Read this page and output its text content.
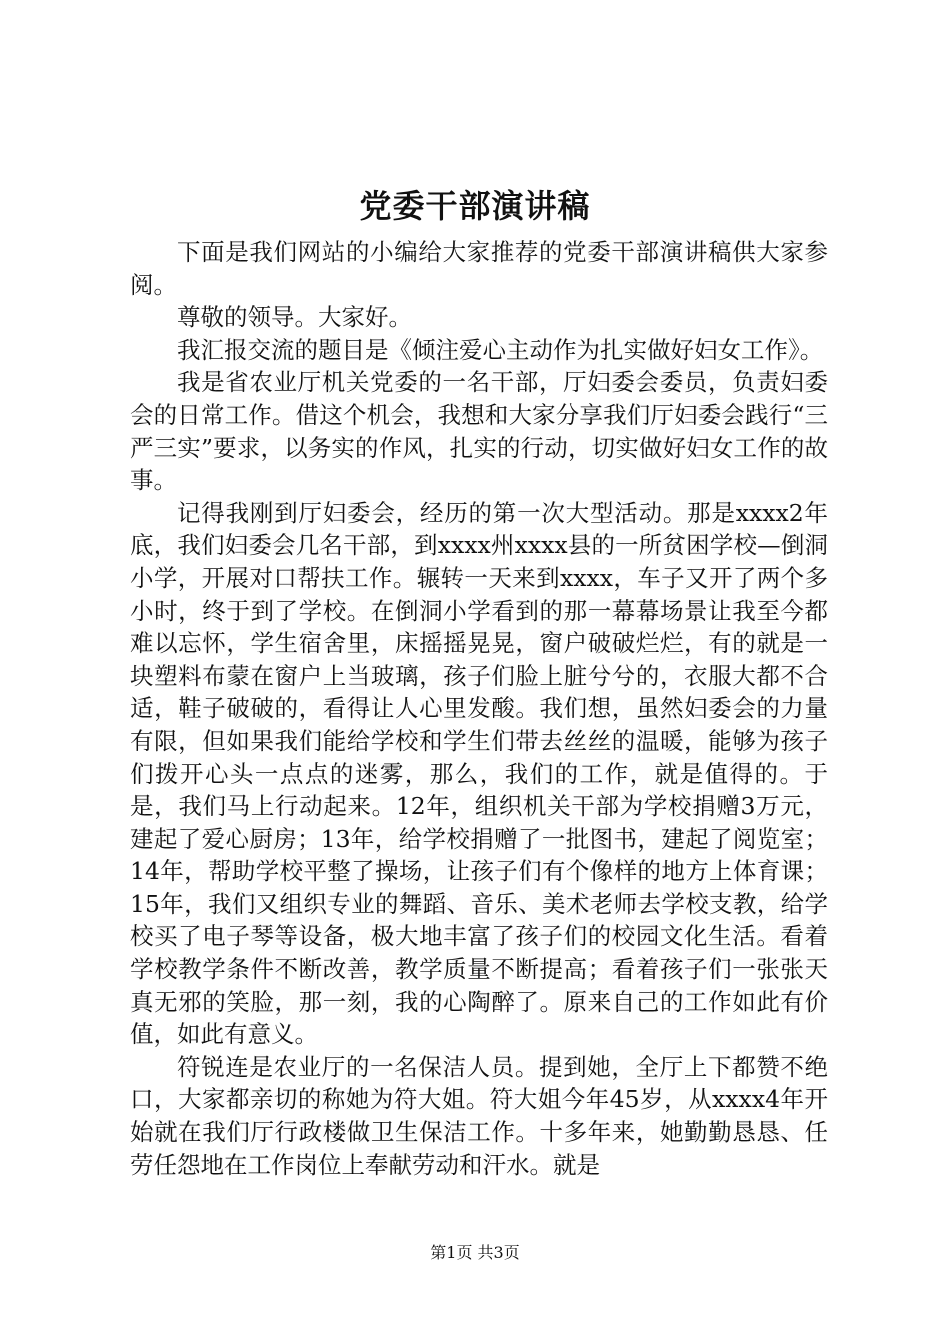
党委干部演讲稿

下面是我们网站的小编给大家推荐的党委干部演讲稿供大家参阅。

尊敬的领导。大家好。

我汇报交流的题目是《倾注爱心主动作为扎实做好妇女工作》。

我是省农业厅机关党委的一名干部，厅妇委会委员，负责妇委会的日常工作。借这个机会，我想和大家分享我们厅妇委会践行“三严三实”要求，以务实的作风，扎实的行动，切实做好妇女工作的故事。

记得我刚到厅妇委会，经历的第一次大型活动。那是xxxx2年底，我们妇委会几名干部，到xxxx州xxxx县的一所贫困学校—倒洞小学，开展对口帮扶工作。辗转一天来到xxxx，车子又开了两个多小时，终于到了学校。在倒洞小学看到的那一幕幕场景让我至今都难以忘怀，学生宿舍里，床摇摇晃晃，窗户破破烂烂，有的就是一块塑料布蒙在窗户上当玻璃，孩子们脸上脏兮兮的，衣服大都不合适，鞋子破破的，看得让人心里发酸。我们想，虽然妇委会的力量有限，但如果我们能给学校和学生们带去丝丝的温暖，能够为孩子们拨开心头一点点的迷雾，那么，我们的工作，就是值得的。于是，我们马上行动起来。12年，组织机关干部为学校捐赠3万元，建起了爱心厨房；13年，给学校捐赠了一批图书，建起了阅览室；14年，帮助学校平整了操场，让孩子们有个像样的地方上体育课；15年，我们又组织专业的舞蹈、音乐、美术老师去学校支教，给学校买了电子琴等设备，极大地丰富了孩子们的校园文化生活。看着学校教学条件不断改善，教学质量不断提高；看着孩子们一张张天真无邪的笑脸，那一刻，我的心陶醉了。原来自己的工作如此有价值，如此有意义。

符锐连是农业厅的一名保洁人员。提到她，全厅上下都赞不绝口，大家都亲切的称她为符大姐。符大姐今年45岁，从xxxx4年开始就在我们厅行政楼做卫生保洁工作。十多年来，她勤勤恳恳、任劳任怨地在工作岗位上奉献劳动和汗水。就是

第1页 共3页
